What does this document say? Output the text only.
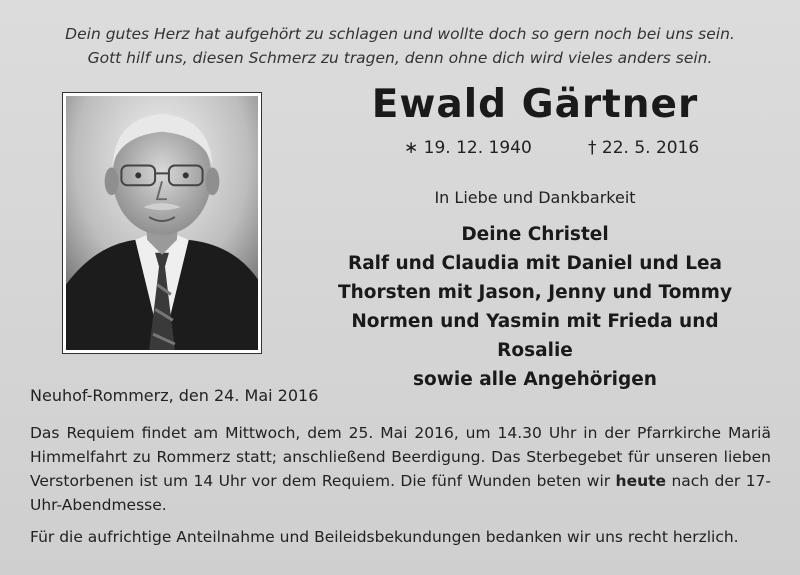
Dein gutes Herz hat aufgehört zu schlagen und wollte doch so gern noch bei uns sein.
Gott hilf uns, diesen Schmerz zu tragen, denn ohne dich wird vieles anders sein.
Ewald Gärtner
∗ 19. 12. 1940	† 22. 5. 2016
In Liebe und Dankbarkeit
Deine Christel
Ralf und Claudia mit Daniel und Lea
Thorsten mit Jason, Jenny und Tommy
Normen und Yasmin mit Frieda und Rosalie
sowie alle Angehörigen
Neuhof-Rommerz, den 24. Mai 2016
Das Requiem findet am Mittwoch, dem 25. Mai 2016, um 14.30 Uhr in der Pfarrkirche Mariä Himmelfahrt zu Rommerz statt; anschließend Beerdigung. Das Sterbegebet für unseren lieben Verstorbenen ist um 14 Uhr vor dem Requiem. Die fünf Wunden beten wir heute nach der 17-Uhr-Abendmesse.
Für die aufrichtige Anteilnahme und Beileidsbekundungen bedanken wir uns recht herzlich.
